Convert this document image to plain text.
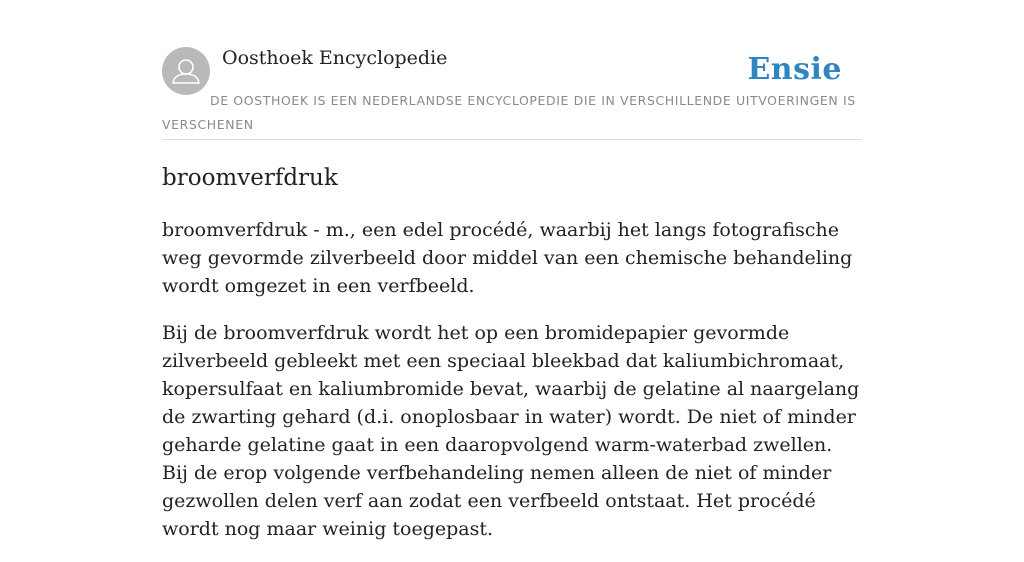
Oosthoek Encyclopedie	Ensie
DE OOSTHOEK IS EEN NEDERLANDSE ENCYCLOPEDIE DIE IN VERSCHILLENDE UITVOERINGEN IS VERSCHENEN
broomverfdruk

broomverfdruk - m., een edel procédé, waarbij het langs fotografische weg gevormde zilverbeeld door middel van een chemische behandeling wordt omgezet in een verfbeeld.

Bij de broomverfdruk wordt het op een bromidepapier gevormde zilverbeeld gebleekt met een speciaal bleekbad dat kaliumbichromaat, kopersulfaat en kaliumbromide bevat, waarbij de gelatine al naargelang de zwarting gehard (d.i. onoplosbaar in water) wordt. De niet of minder geharde gelatine gaat in een daaropvolgend warm-waterbad zwellen. Bij de erop volgende verfbehandeling nemen alleen de niet of minder gezwollen delen verf aan zodat een verfbeeld ontstaat. Het procédé wordt nog maar weinig toegepast.
